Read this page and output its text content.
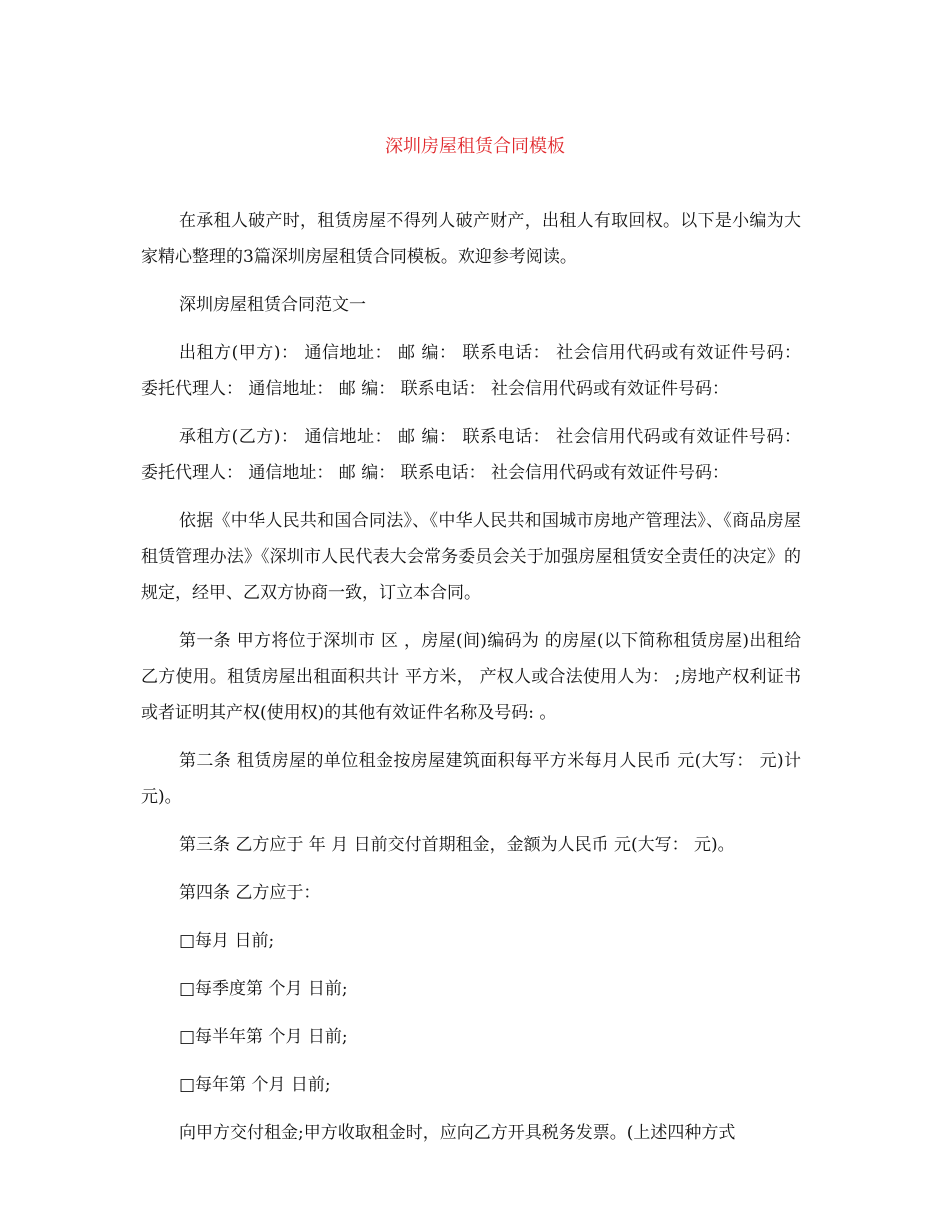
深圳房屋租赁合同模板

在承租人破产时，租赁房屋不得列人破产财产，出租人有取回权。以下是小编为大家精心整理的3篇深圳房屋租赁合同模板。欢迎参考阅读。

深圳房屋租赁合同范文一

出租方(甲方)： 通信地址： 邮 编： 联系电话： 社会信用代码或有效证件号码： 委托代理人： 通信地址： 邮 编： 联系电话： 社会信用代码或有效证件号码：

承租方(乙方)： 通信地址： 邮 编： 联系电话： 社会信用代码或有效证件号码： 委托代理人： 通信地址： 邮 编： 联系电话： 社会信用代码或有效证件号码：

依据《中华人民共和国合同法》、《中华人民共和国城市房地产管理法》、《商品房屋租赁管理办法》《深圳市人民代表大会常务委员会关于加强房屋租赁安全责任的决定》的规定，经甲、乙双方协商一致，订立本合同。

第一条 甲方将位于深圳市 区 ，房屋(间)编码为 的房屋(以下简称租赁房屋)出租给乙方使用。租赁房屋出租面积共计 平方米， 产权人或合法使用人为： ;房地产权利证书或者证明其产权(使用权)的其他有效证件名称及号码: 。

第二条 租赁房屋的单位租金按房屋建筑面积每平方米每月人民币 元(大写： 元)计 元)。

第三条 乙方应于 年 月 日前交付首期租金，金额为人民币 元(大写： 元)。

第四条 乙方应于：

□每月 日前;

□每季度第 个月 日前;

□每半年第 个月 日前;

□每年第 个月 日前;

向甲方交付租金;甲方收取租金时，应向乙方开具税务发票。(上述四种方式
